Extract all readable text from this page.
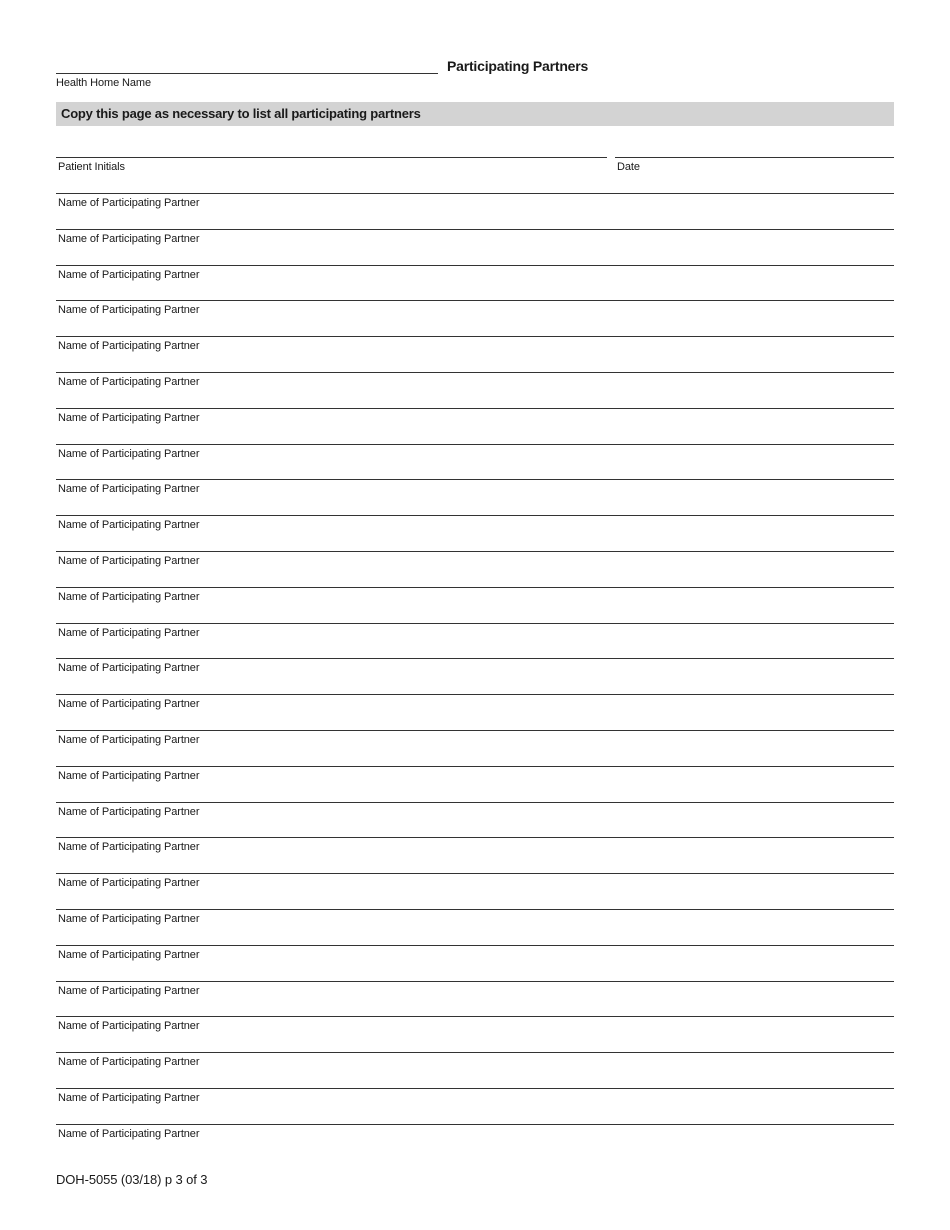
Health Home Name
Participating Partners
Copy this page as necessary to list all participating partners
Patient Initials	Date
Name of Participating Partner
Name of Participating Partner
Name of Participating Partner
Name of Participating Partner
Name of Participating Partner
Name of Participating Partner
Name of Participating Partner
Name of Participating Partner
Name of Participating Partner
Name of Participating Partner
Name of Participating Partner
Name of Participating Partner
Name of Participating Partner
Name of Participating Partner
Name of Participating Partner
Name of Participating Partner
Name of Participating Partner
Name of Participating Partner
Name of Participating Partner
Name of Participating Partner
Name of Participating Partner
Name of Participating Partner
Name of Participating Partner
Name of Participating Partner
Name of Participating Partner
Name of Participating Partner
Name of Participating Partner
DOH-5055 (03/18) p 3 of 3
